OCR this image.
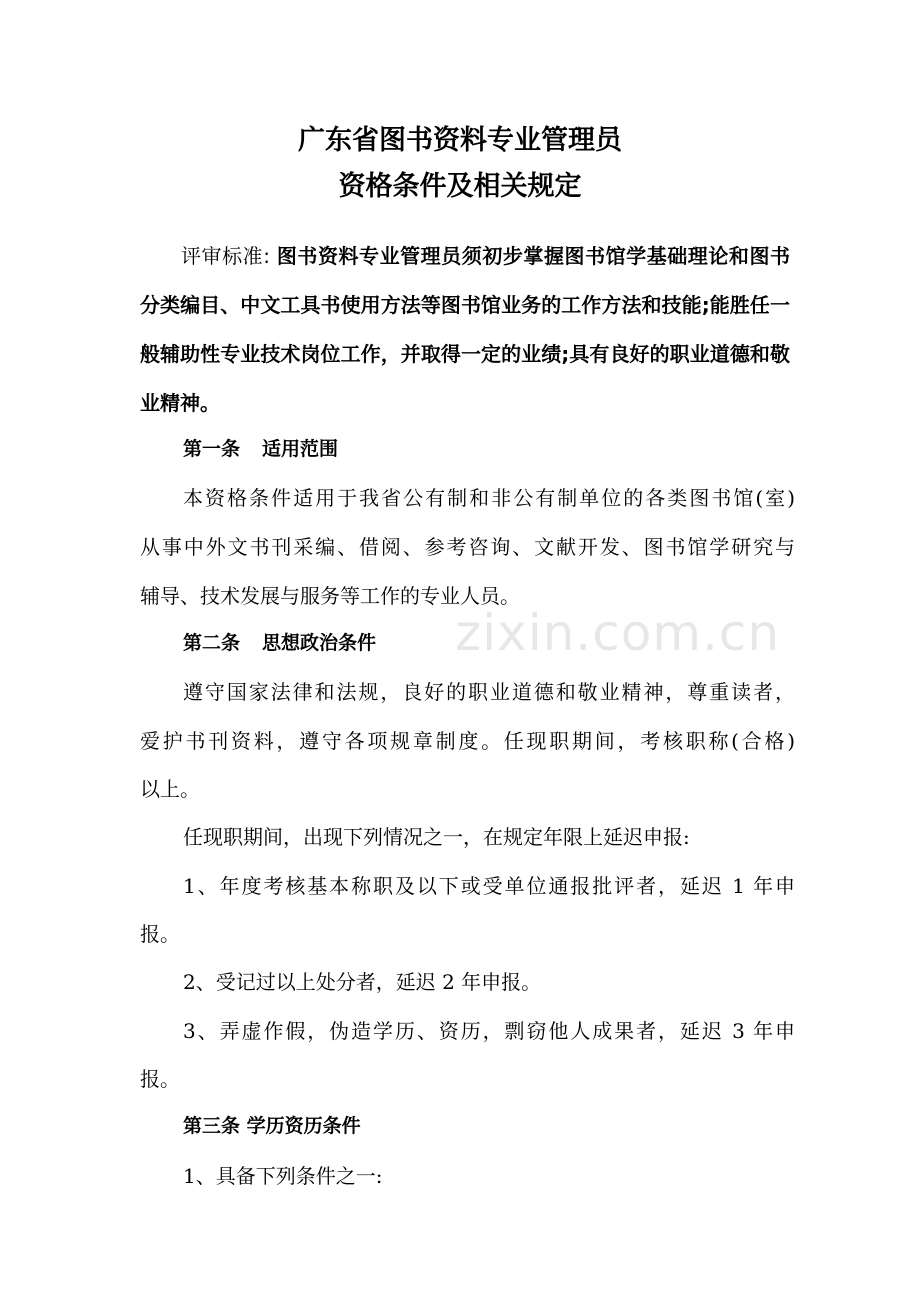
zixin.com.cn
广东省图书资料专业管理员
资格条件及相关规定
评审标准: 图书资料专业管理员须初步掌握图书馆学基础理论和图书分类编目、中文工具书使用方法等图书馆业务的工作方法和技能;能胜任一般辅助性专业技术岗位工作，并取得一定的业绩;具有良好的职业道德和敬业精神。
第一条 适用范围
本资格条件适用于我省公有制和非公有制单位的各类图书馆(室)
从事中外文书刊采编、借阅、参考咨询、文献开发、图书馆学研究与
辅导、技术发展与服务等工作的专业人员。
第二条 思想政治条件
遵守国家法律和法规，良好的职业道德和敬业精神，尊重读者，
爱护书刊资料，遵守各项规章制度。任现职期间，考核职称(合格)
以上。
任现职期间，出现下列情况之一，在规定年限上延迟申报:
1、年度考核基本称职及以下或受单位通报批评者，延迟 1 年申
报。
2、受记过以上处分者，延迟 2 年申报。
3、弄虚作假，伪造学历、资历，剽窃他人成果者，延迟 3 年申
报。
第三条 学历资历条件
1、具备下列条件之一:
